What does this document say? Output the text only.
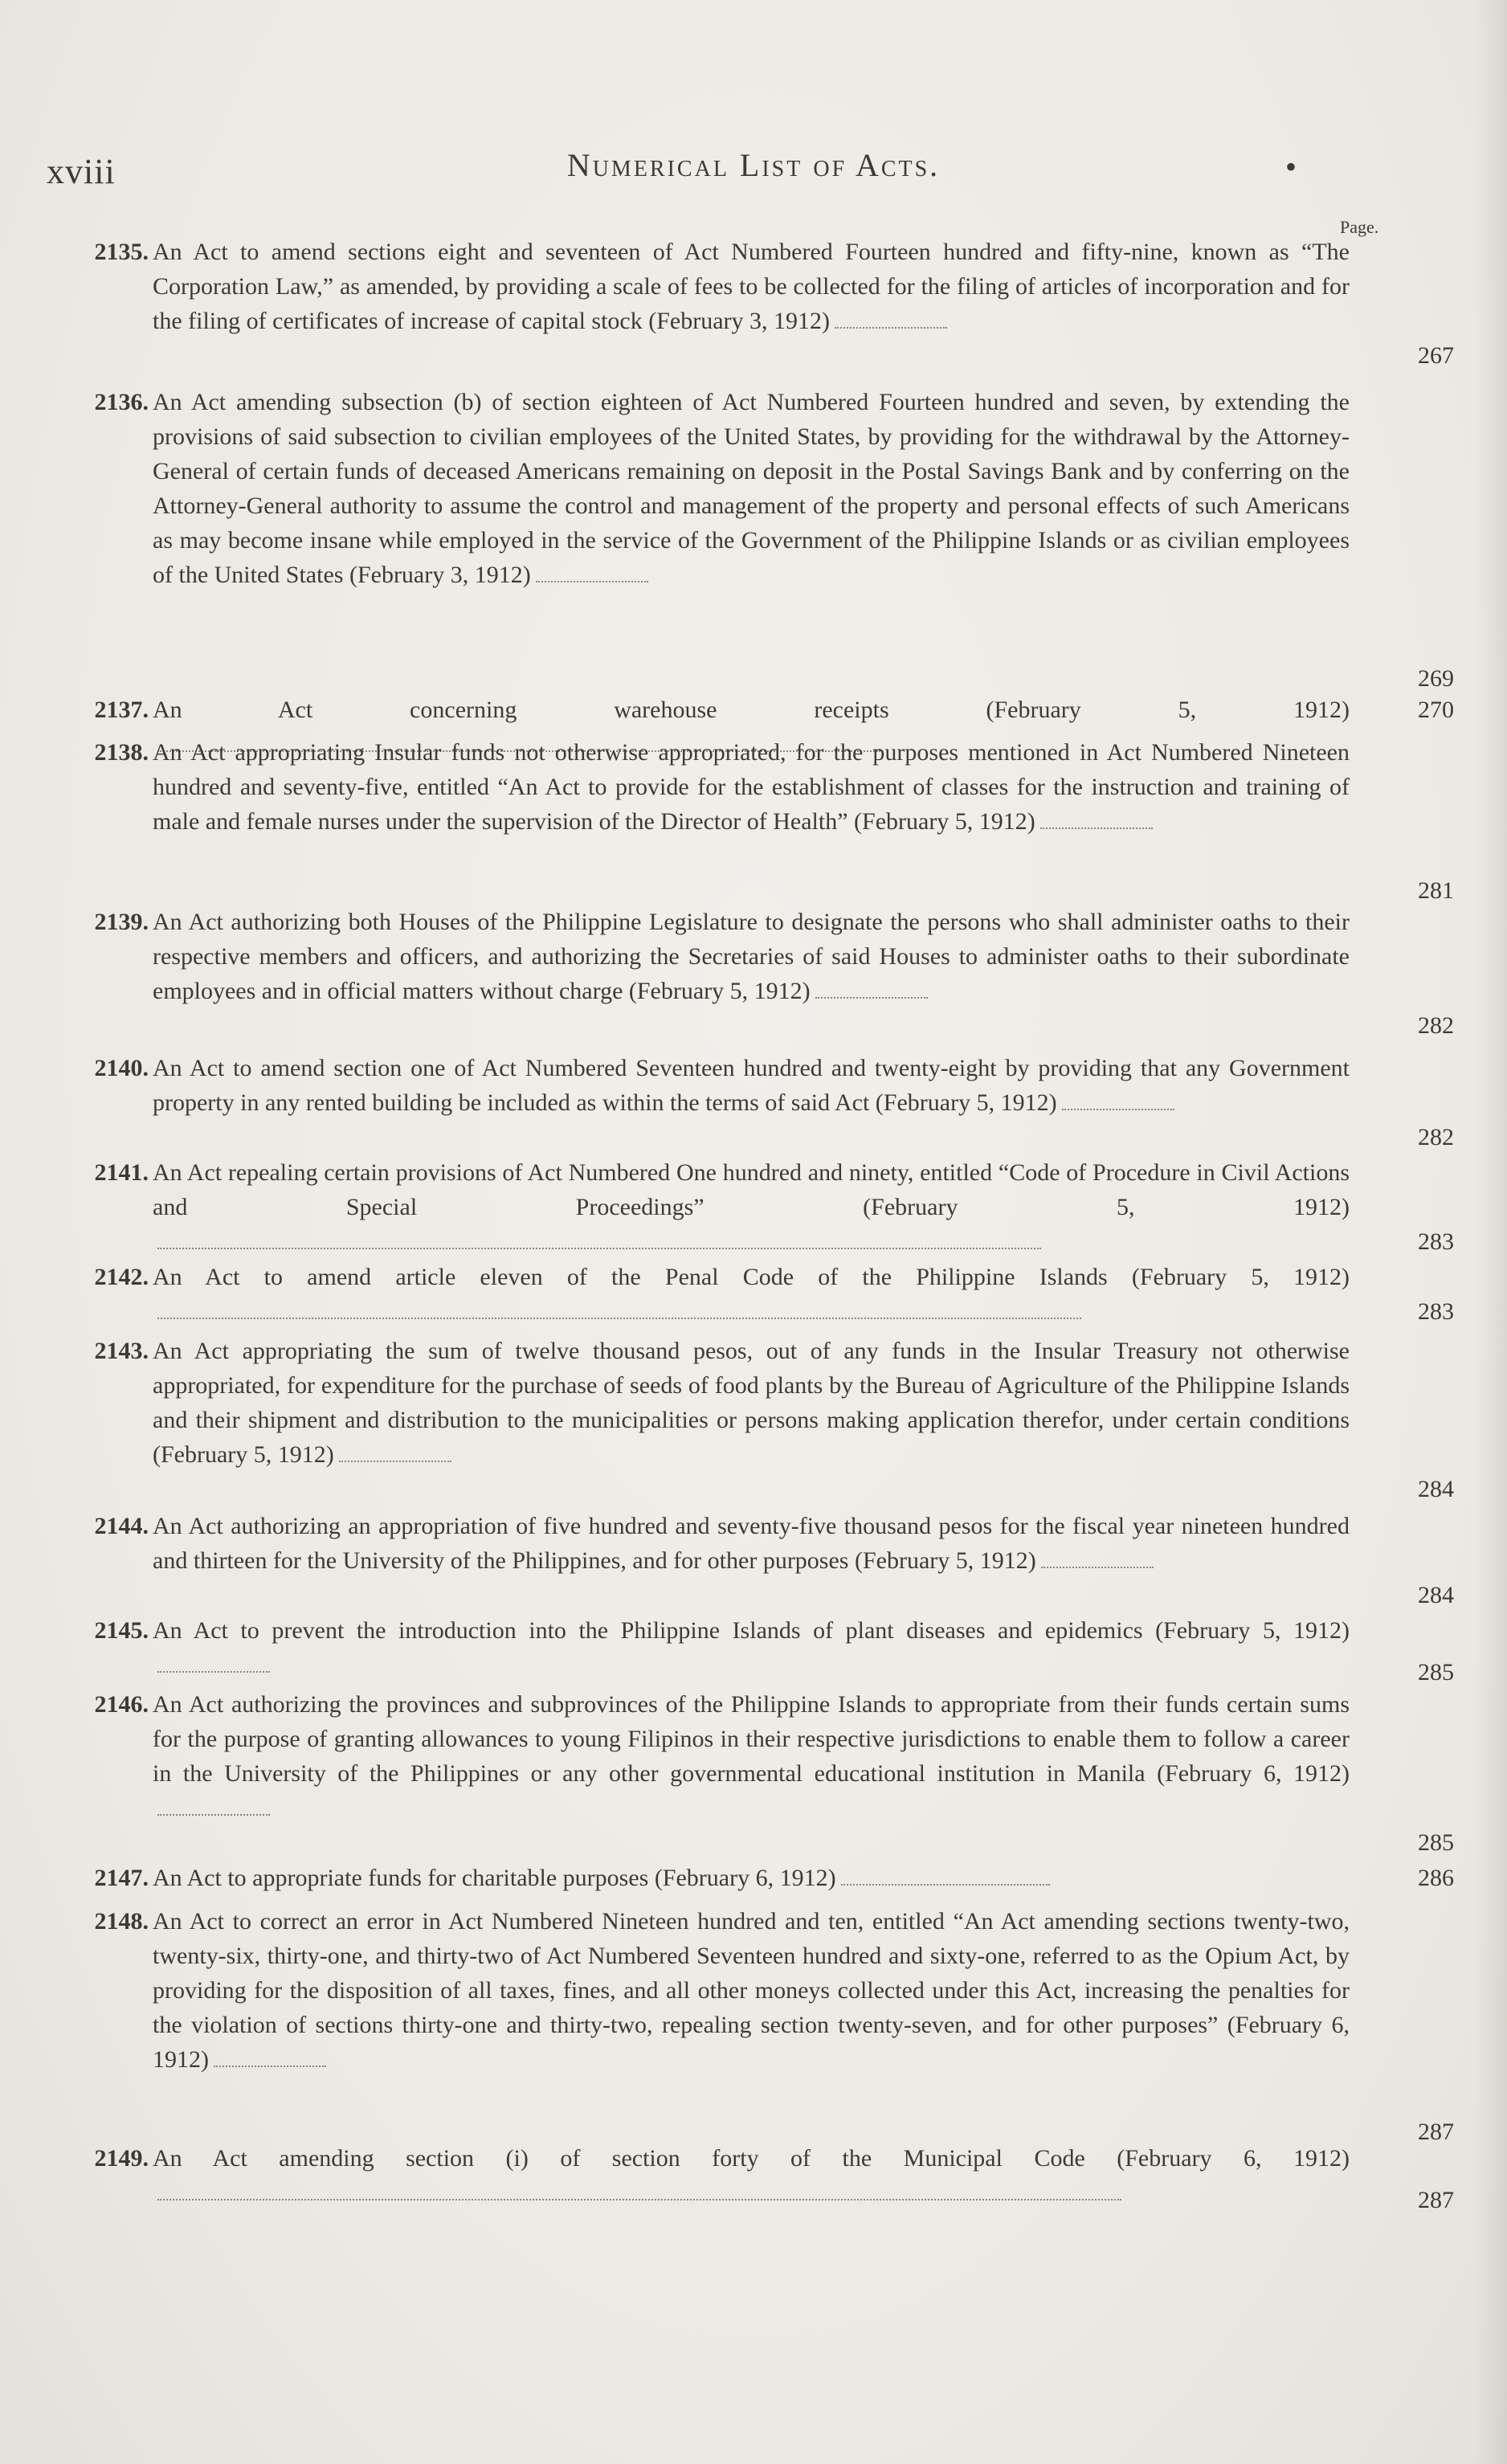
xviii	Numerical List of Acts.	•
Page.
2135. An Act to amend sections eight and seventeen of Act Numbered Fourteen hundred and fifty-nine, known as “The Corporation Law,” as amended, by providing a scale of fees to be collected for the filing of articles of incorporation and for the filing of certificates of increase of capital stock (February 3, 1912)
267
2136. An Act amending subsection (b) of section eighteen of Act Numbered Fourteen hundred and seven, by extending the provisions of said subsection to civilian employees of the United States, by providing for the withdrawal by the Attorney-General of certain funds of deceased Americans remaining on deposit in the Postal Savings Bank and by conferring on the Attorney-General authority to assume the control and management of the property and personal effects of such Americans as may become insane while employed in the service of the Government of the Philippine Islands or as civilian employees of the United States (February 3, 1912)
269
2137. An Act concerning warehouse receipts (February 5, 1912)	270
2138. An Act appropriating Insular funds not otherwise appropriated, for the purposes mentioned in Act Numbered Nineteen hundred and seventy-five, entitled “An Act to provide for the establishment of classes for the instruction and training of male and female nurses under the supervision of the Director of Health” (February 5, 1912)
281
2139. An Act authorizing both Houses of the Philippine Legislature to designate the persons who shall administer oaths to their respective members and officers, and authorizing the Secretaries of said Houses to administer oaths to their subordinate employees and in official matters without charge (February 5, 1912)
282
2140. An Act to amend section one of Act Numbered Seventeen hundred and twenty-eight by providing that any Government property in any rented building be included as within the terms of said Act (February 5, 1912)
282
2141. An Act repealing certain provisions of Act Numbered One hundred and ninety, entitled “Code of Procedure in Civil Actions and Special Proceedings” (February 5, 1912)
283
2142. An Act to amend article eleven of the Penal Code of the Philippine Islands (February 5, 1912)
283
2143. An Act appropriating the sum of twelve thousand pesos, out of any funds in the Insular Treasury not otherwise appropriated, for expenditure for the purchase of seeds of food plants by the Bureau of Agriculture of the Philippine Islands and their shipment and distribution to the municipalities or persons making application therefor, under certain conditions (February 5, 1912)
284
2144. An Act authorizing an appropriation of five hundred and seventy-five thousand pesos for the fiscal year nineteen hundred and thirteen for the University of the Philippines, and for other purposes (February 5, 1912)
284
2145. An Act to prevent the introduction into the Philippine Islands of plant diseases and epidemics (February 5, 1912)
285
2146. An Act authorizing the provinces and subprovinces of the Philippine Islands to appropriate from their funds certain sums for the purpose of granting allowances to young Filipinos in their respective jurisdictions to enable them to follow a career in the University of the Philippines or any other governmental educational institution in Manila (February 6, 1912)
285
2147. An Act to appropriate funds for charitable purposes (February 6, 1912)	286
2148. An Act to correct an error in Act Numbered Nineteen hundred and ten, entitled “An Act amending sections twenty-two, twenty-six, thirty-one, and thirty-two of Act Numbered Seventeen hundred and sixty-one, referred to as the Opium Act, by providing for the disposition of all taxes, fines, and all other moneys collected under this Act, increasing the penalties for the violation of sections thirty-one and thirty-two, repealing section twenty-seven, and for other purposes” (February 6, 1912)
287
2149. An Act amending section (i) of section forty of the Municipal Code (February 6, 1912)
287
